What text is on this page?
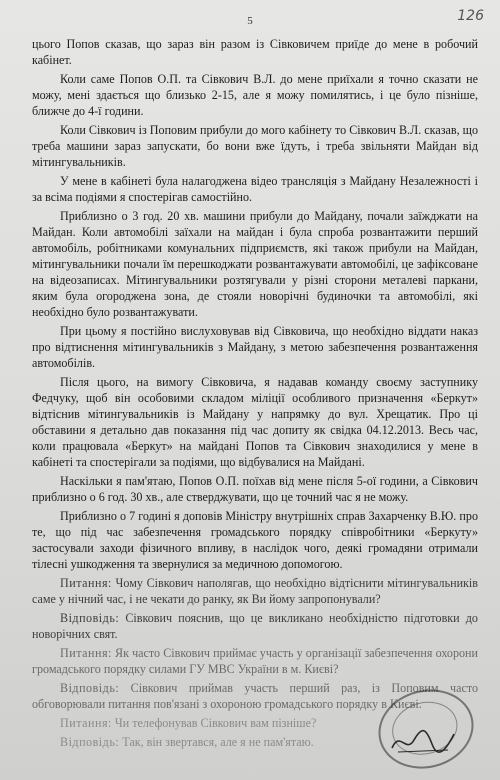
5	126

цього Попов сказав, що зараз він разом із Сівковичем приїде до мене в робочий кабінет.

Коли саме Попов О.П. та Сівкович В.Л. до мене приїхали я точно сказати не можу, мені здається що близько 2-15, але я можу помилятись, і це було пізніше, ближче до 4-ї години.

Коли Сівкович із Поповим прибули до мого кабінету то Сівкович В.Л. сказав, що треба машини зараз запускати, бо вони вже їдуть, і треба звільняти Майдан від мітингувальників.

У мене в кабінеті була налагоджена відео трансляція з Майдану Незалежності і за всіма подіями я спостерігав самостійно.

Приблизно о 3 год. 20 хв. машини прибули до Майдану, почали заїжджати на Майдан. Коли автомобілі заїхали на майдан і була спроба розвантажити перший автомобіль, робітниками комунальних підприємств, які також прибули на Майдан, мітингувальники почали їм перешкоджати розвантажувати автомобілі, це зафіксоване на відеозаписах. Мітингувальники розтягували у різні сторони металеві паркани, яким була огороджена зона, де стояли новорічні будиночки та автомобілі, які необхідно було розвантажувати.

При цьому я постійно вислуховував від Сівковича, що необхідно віддати наказ про відтиснення мітингувальників з Майдану, з метою забезпечення розвантаження автомобілів.

Після цього, на вимогу Сівковича, я надавав команду своєму заступнику Федчуку, щоб він особовими складом міліції особливого призначення «Беркут» відтіснив мітингувальників із Майдану у напрямку до вул. Хрещатик. Про ці обставини я детально дав показання під час допиту як свідка 04.12.2013. Весь час, коли працювала «Беркут» на майдані Попов та Сівкович знаходилися у мене в кабінеті та спостерігали за подіями, що відбувалися на Майдані.

Наскільки я пам'ятаю, Попов О.П. поїхав від мене після 5-ої години, а Сівкович приблизно о 6 год. 30 хв., але стверджувати, що це точний час я не можу.

Приблизно о 7 годині я доповів Міністру внутрішніх справ Захарченку В.Ю. про те, що під час забезпечення громадського порядку співробітники «Беркуту» застосували заходи фізичного впливу, в наслідок чого, деякі громадяни отримали тілесні ушкодження та звернулися за медичною допомогою.

Питання: Чому Сівкович наполягав, що необхідно відтіснити мітингувальників саме у нічний час, і не чекати до ранку, як Ви йому запропонували?

Відповідь: Сівкович пояснив, що це викликано необхідністю підготовки до новорічних свят.

Питання: Як часто Сівкович приймає участь у організації забезпечення охорони громадського порядку силами ГУ МВС України в м. Києві?

Відповідь: Сівкович приймав участь перший раз, із Поповим часто обговорювали питання пов'язані з охороною громадського порядку в Києві.

Питання: Чи телефонував Сівкович вам пізніше?

Відповідь: Так, він звертався, але я не пам'ятаю.
